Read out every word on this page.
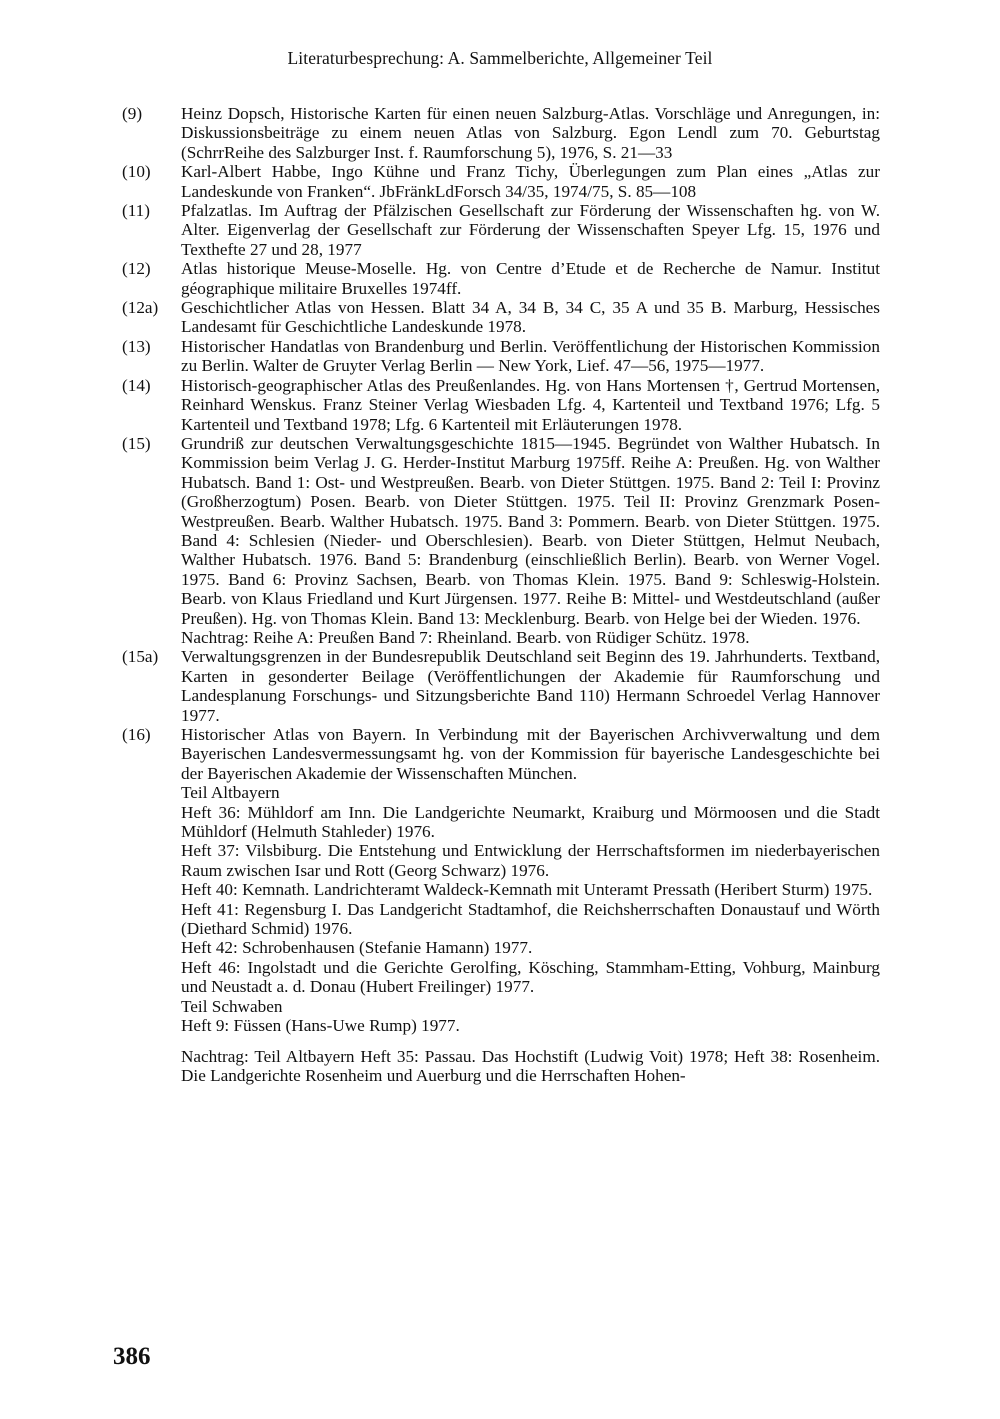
Literaturbesprechung: A. Sammelberichte, Allgemeiner Teil
(9) Heinz Dopsch, Historische Karten für einen neuen Salzburg-Atlas. Vorschläge und Anregungen, in: Diskussionsbeiträge zu einem neuen Atlas von Salzburg. Egon Lendl zum 70. Geburtstag (SchrrReihe des Salzburger Inst. f. Raumforschung 5), 1976, S. 21—33
(10) Karl-Albert Habbe, Ingo Kühne und Franz Tichy, Überlegungen zum Plan eines „Atlas zur Landeskunde von Franken“. JbFränkLdForsch 34/35, 1974/75, S. 85—108
(11) Pfalzatlas. Im Auftrag der Pfälzischen Gesellschaft zur Förderung der Wissenschaften hg. von W. Alter. Eigenverlag der Gesellschaft zur Förderung der Wissenschaften Speyer Lfg. 15, 1976 und Texthefte 27 und 28, 1977
(12) Atlas historique Meuse-Moselle. Hg. von Centre d’Etude et de Recherche de Namur. Institut géographique militaire Bruxelles 1974ff.
(12a) Geschichtlicher Atlas von Hessen. Blatt 34 A, 34 B, 34 C, 35 A und 35 B. Marburg, Hessisches Landesamt für Geschichtliche Landeskunde 1978.
(13) Historischer Handatlas von Brandenburg und Berlin. Veröffentlichung der Historischen Kommission zu Berlin. Walter de Gruyter Verlag Berlin — New York, Lief. 47—56, 1975—1977.
(14) Historisch-geographischer Atlas des Preußenlandes. Hg. von Hans Mortensen †, Gertrud Mortensen, Reinhard Wenskus. Franz Steiner Verlag Wiesbaden Lfg. 4, Kartenteil und Textband 1976; Lfg. 5 Kartenteil und Textband 1978; Lfg. 6 Kartenteil mit Erläuterungen 1978.
(15) Grundriß zur deutschen Verwaltungsgeschichte 1815—1945. Begründet von Walther Hubatsch. In Kommission beim Verlag J. G. Herder-Institut Marburg 1975ff. Reihe A: Preußen. Hg. von Walther Hubatsch. Band 1: Ost- und Westpreußen. Bearb. von Dieter Stüttgen. 1975. Band 2: Teil I: Provinz (Großherzogtum) Posen. Bearb. von Dieter Stüttgen. 1975. Teil II: Provinz Grenzmark Posen-Westpreußen. Bearb. Walther Hubatsch. 1975. Band 3: Pommern. Bearb. von Dieter Stüttgen. 1975. Band 4: Schlesien (Nieder- und Oberschlesien). Bearb. von Dieter Stüttgen, Helmut Neubach, Walther Hubatsch. 1976. Band 5: Brandenburg (einschließlich Berlin). Bearb. von Werner Vogel. 1975. Band 6: Provinz Sachsen, Bearb. von Thomas Klein. 1975. Band 9: Schleswig-Holstein. Bearb. von Klaus Friedland und Kurt Jürgensen. 1977. Reihe B: Mittel- und Westdeutschland (außer Preußen). Hg. von Thomas Klein. Band 13: Mecklenburg. Bearb. von Helge bei der Wieden. 1976.
Nachtrag: Reihe A: Preußen Band 7: Rheinland. Bearb. von Rüdiger Schütz. 1978.
(15a) Verwaltungsgrenzen in der Bundesrepublik Deutschland seit Beginn des 19. Jahrhunderts. Textband, Karten in gesonderter Beilage (Veröffentlichungen der Akademie für Raumforschung und Landesplanung Forschungs- und Sitzungsberichte Band 110) Hermann Schroedel Verlag Hannover 1977.
(16) Historischer Atlas von Bayern. In Verbindung mit der Bayerischen Archivverwaltung und dem Bayerischen Landesvermessungsamt hg. von der Kommission für bayerische Landesgeschichte bei der Bayerischen Akademie der Wissenschaften München.
Teil Altbayern
Heft 36: Mühldorf am Inn. Die Landgerichte Neumarkt, Kraiburg und Mörmoosen und die Stadt Mühldorf (Helmuth Stahleder) 1976.
Heft 37: Vilsbiburg. Die Entstehung und Entwicklung der Herrschaftsformen im niederbayerischen Raum zwischen Isar und Rott (Georg Schwarz) 1976.
Heft 40: Kemnath. Landrichteramt Waldeck-Kemnath mit Unteramt Pressath (Heribert Sturm) 1975.
Heft 41: Regensburg I. Das Landgericht Stadtamhof, die Reichsherrschaften Donaustauf und Wörth (Diethard Schmid) 1976.
Heft 42: Schrobenhausen (Stefanie Hamann) 1977.
Heft 46: Ingolstadt und die Gerichte Gerolfing, Kösching, Stammham-Etting, Vohburg, Mainburg und Neustadt a. d. Donau (Hubert Freilinger) 1977.
Teil Schwaben
Heft 9: Füssen (Hans-Uwe Rump) 1977.
Nachtrag: Teil Altbayern Heft 35: Passau. Das Hochstift (Ludwig Voit) 1978; Heft 38: Rosenheim. Die Landgerichte Rosenheim und Auerburg und die Herrschaften Hohen-
386
